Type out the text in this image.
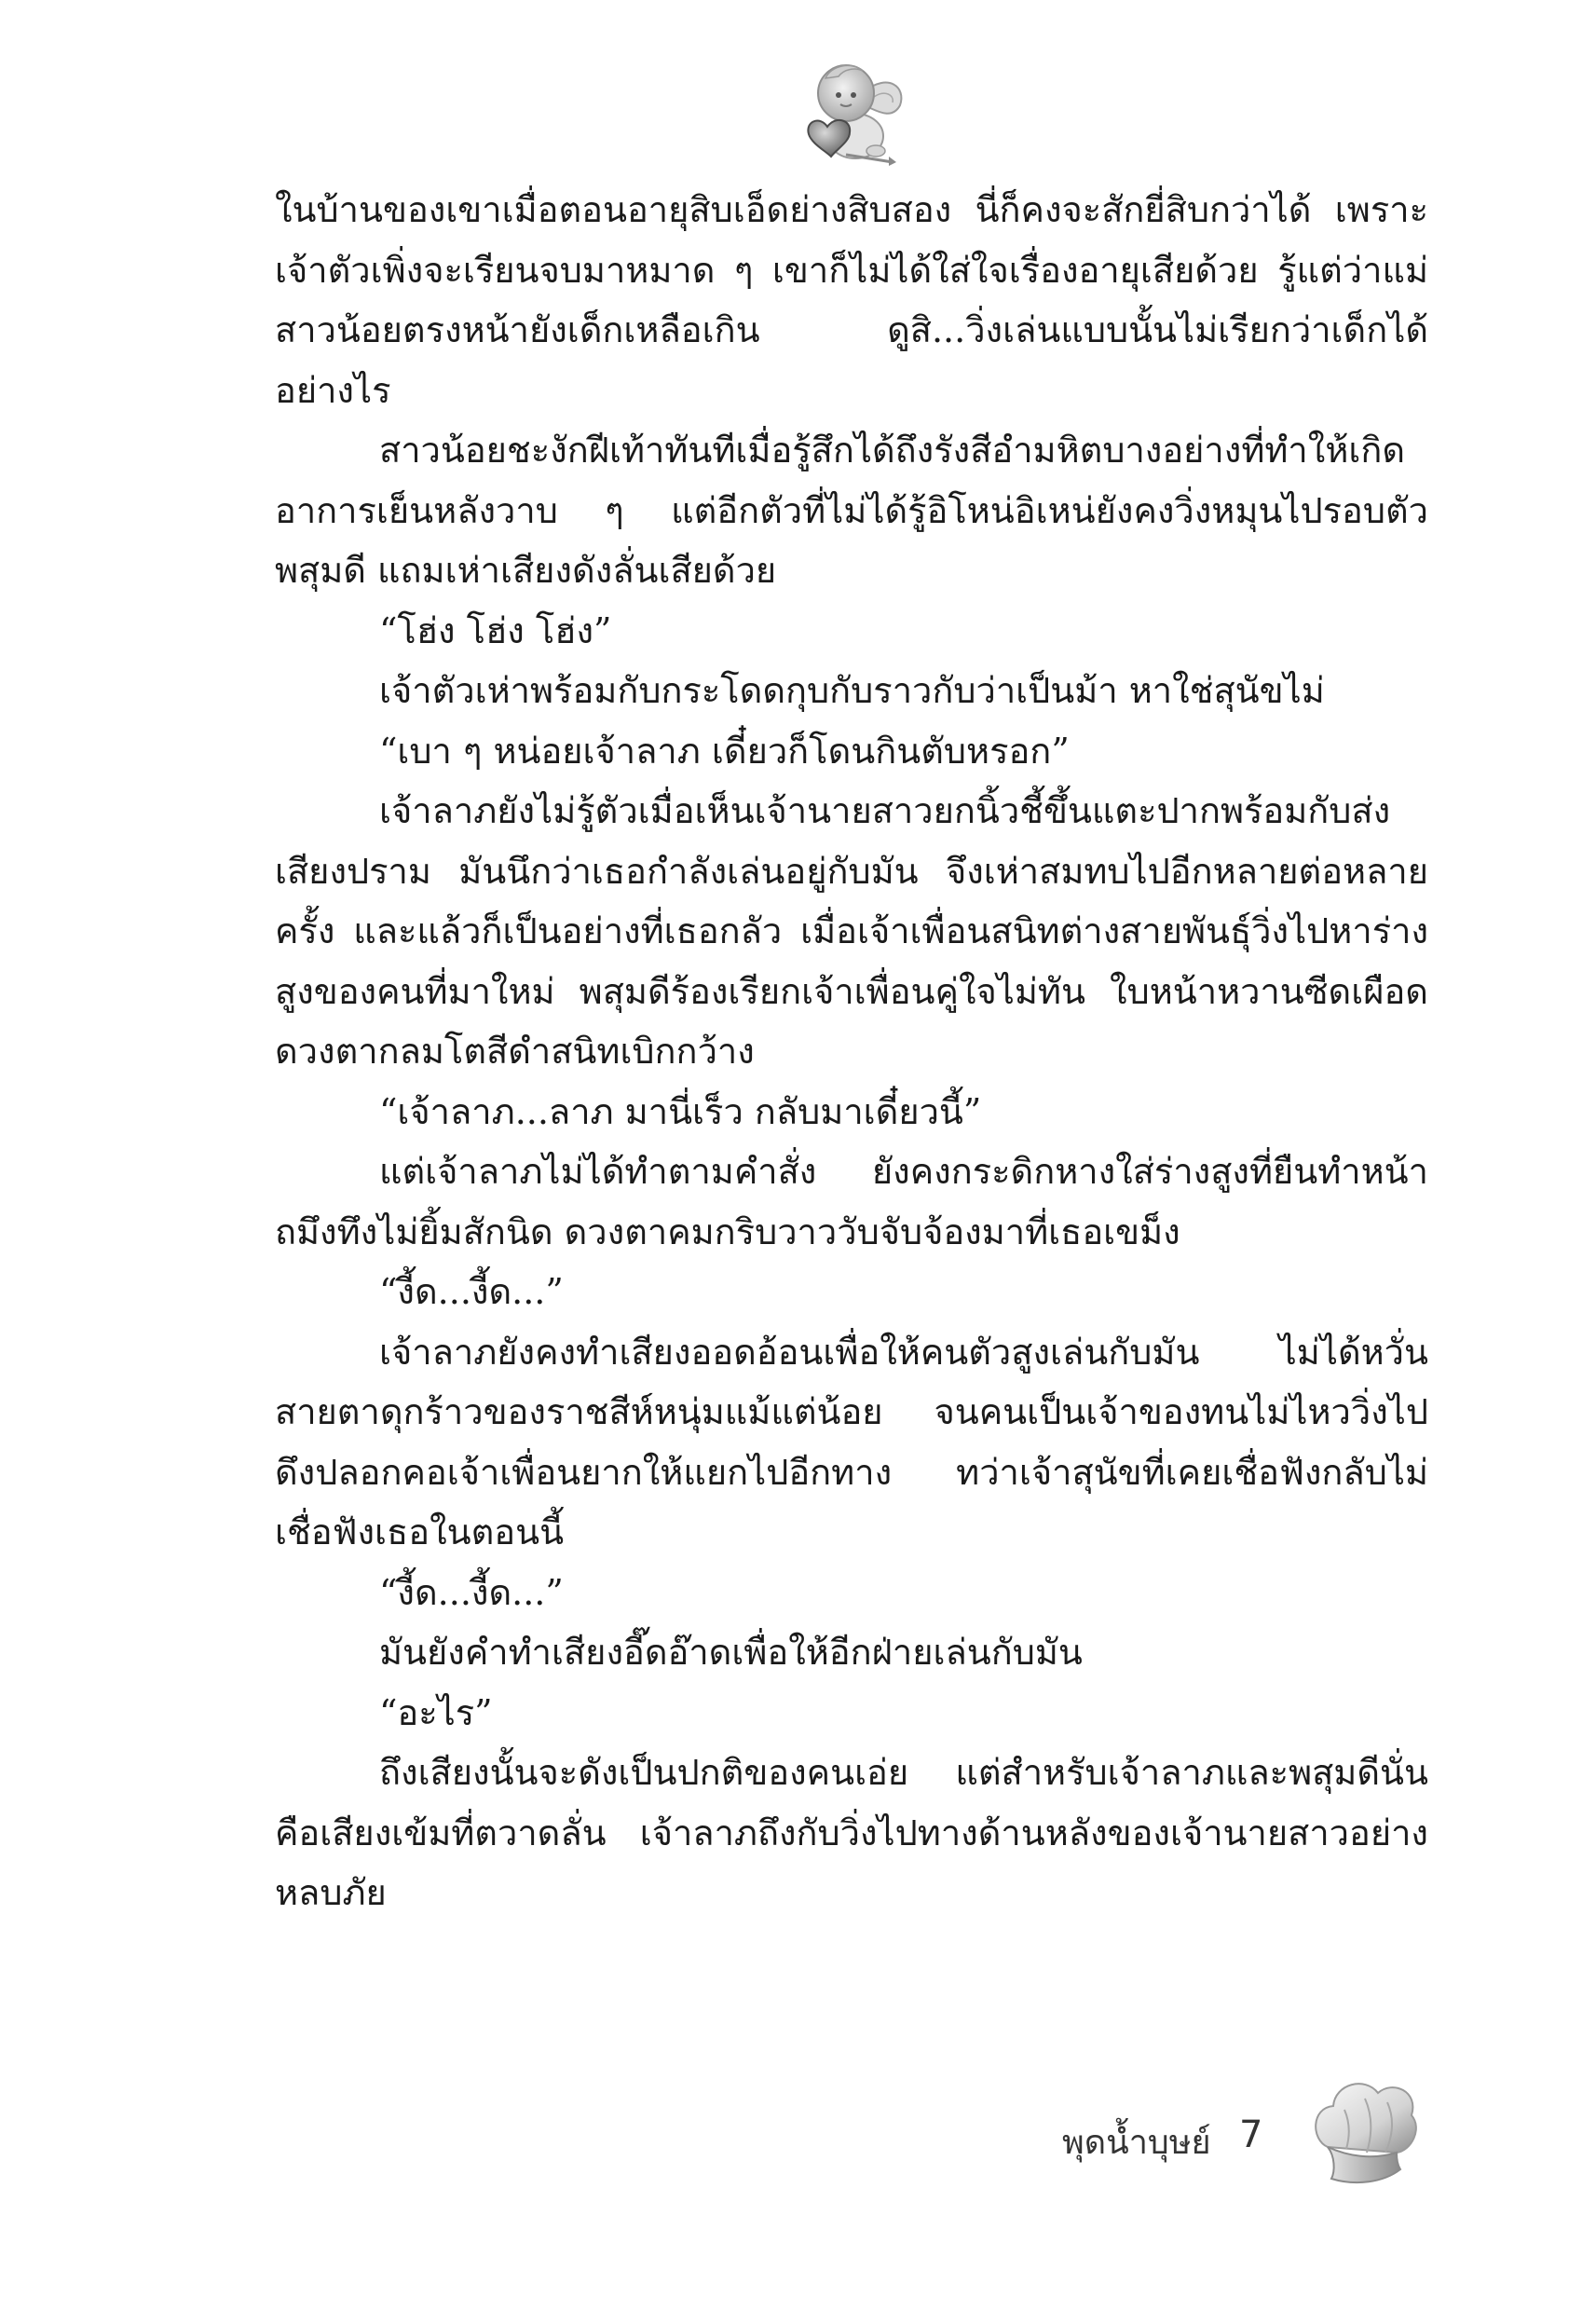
ในบ้านของเขาเมื่อตอนอายุสิบเอ็ดย่างสิบสอง นี่ก็คงจะสักยี่สิบกว่าได้ เพราะเจ้าตัวเพิ่งจะเรียนจบมาหมาด ๆ เขาก็ไม่ได้ใส่ใจเรื่องอายุเสียด้วย รู้แต่ว่าแม่สาวน้อยตรงหน้ายังเด็กเหลือเกิน ดูสิ...วิ่งเล่นแบบนั้นไม่เรียกว่าเด็กได้อย่างไร

สาวน้อยชะงักฝีเท้าทันทีเมื่อรู้สึกได้ถึงรังสีอำมหิตบางอย่างที่ทำให้เกิดอาการเย็นหลังวาบ ๆ แต่อีกตัวที่ไม่ได้รู้อิโหน่อิเหน่ยังคงวิ่งหมุนไปรอบตัวพสุมดี แถมเห่าเสียงดังลั่นเสียด้วย

“โฮ่ง โฮ่ง โฮ่ง”

เจ้าตัวเห่าพร้อมกับกระโดดกุบกับราวกับว่าเป็นม้า หาใช่สุนัขไม่

“เบา ๆ หน่อยเจ้าลาภ เดี๋ยวก็โดนกินตับหรอก”

เจ้าลาภยังไม่รู้ตัวเมื่อเห็นเจ้านายสาวยกนิ้วชี้ขึ้นแตะปากพร้อมกับส่งเสียงปราม มันนึกว่าเธอกำลังเล่นอยู่กับมัน จึงเห่าสมทบไปอีกหลายต่อหลายครั้ง และแล้วก็เป็นอย่างที่เธอกลัว เมื่อเจ้าเพื่อนสนิทต่างสายพันธุ์วิ่งไปหาร่างสูงของคนที่มาใหม่ พสุมดีร้องเรียกเจ้าเพื่อนคู่ใจไม่ทัน ใบหน้าหวานซีดเผือด ดวงตากลมโตสีดำสนิทเบิกกว้าง

“เจ้าลาภ...ลาภ มานี่เร็ว กลับมาเดี๋ยวนี้”

แต่เจ้าลาภไม่ได้ทำตามคำสั่ง ยังคงกระดิกหางใส่ร่างสูงที่ยืนทำหน้าถมึงทึงไม่ยิ้มสักนิด ดวงตาคมกริบวาววับจับจ้องมาที่เธอเขม็ง

“งี้ด...งี้ด...”

เจ้าลาภยังคงทำเสียงออดอ้อนเพื่อให้คนตัวสูงเล่นกับมัน ไม่ได้หวั่นสายตาดุกร้าวของราชสีห์หนุ่มแม้แต่น้อย จนคนเป็นเจ้าของทนไม่ไหววิ่งไปดึงปลอกคอเจ้าเพื่อนยากให้แยกไปอีกทาง ทว่าเจ้าสุนัขที่เคยเชื่อฟังกลับไม่เชื่อฟังเธอในตอนนี้

“งี้ด...งี้ด...”

มันยังคำทำเสียงอี๊ดอ๊าดเพื่อให้อีกฝ่ายเล่นกับมัน

“อะไร”

ถึงเสียงนั้นจะดังเป็นปกติของคนเอ่ย แต่สำหรับเจ้าลาภและพสุมดีนั่นคือเสียงเข้มที่ตวาดลั่น เจ้าลาภถึงกับวิ่งไปทางด้านหลังของเจ้านายสาวอย่างหลบภัย

พุดน้ำบุษย์ 7
